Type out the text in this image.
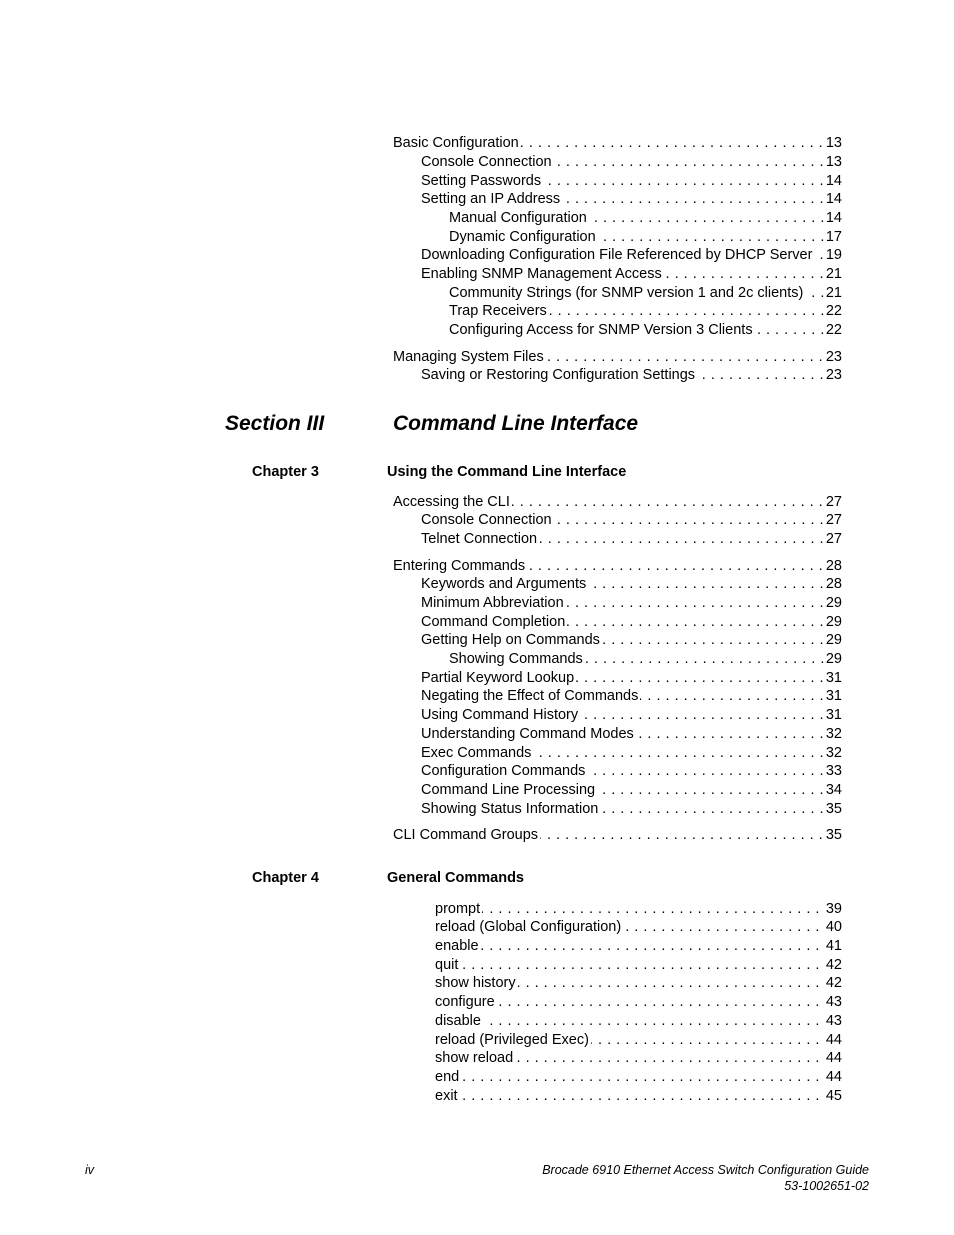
. . . Basic Configuration	13
. . . Console Connection	13
. . . Setting Passwords	14
. . . Setting an IP Address	14
. . . Manual Configuration	14
. . . Dynamic Configuration	17
. . . Downloading Configuration File Referenced by DHCP Server 19
. . . Enabling SNMP Management Access	21
. . . Community Strings (for SNMP version 1 and 2c clients) 21
. . . Trap Receivers	22
. . . Configuring Access for SNMP Version 3 Clients	22
. . . Managing System Files	23
. . . Saving or Restoring Configuration Settings	23
Section III	Command Line Interface
Chapter 3	Using the Command Line Interface
. . . Accessing the CLI	27
. . . Console Connection	27
. . . Telnet Connection	27
. . . Entering Commands	28
. . . Keywords and Arguments	28
. . . Minimum Abbreviation	29
. . . Command Completion	29
. . . Getting Help on Commands	29
. . . Showing Commands	29
. . . Partial Keyword Lookup	31
. . . Negating the Effect of Commands	31
. . . Using Command History	31
. . . Understanding Command Modes	32
. . . Exec Commands	32
. . . Configuration Commands	33
. . . Command Line Processing	34
. . . Showing Status Information	35
. . . CLI Command Groups	35
Chapter 4	General Commands
. . . prompt	39
. . . reload (Global Configuration)	40
. . . enable	41
. . . quit	42
. . . show history	42
. . . configure	43
. . . disable	43
. . . reload (Privileged Exec)	44
. . . show reload	44
. . . end	44
. . . exit	45
iv	Brocade 6910 Ethernet Access Switch Configuration Guide
53-1002651-02
